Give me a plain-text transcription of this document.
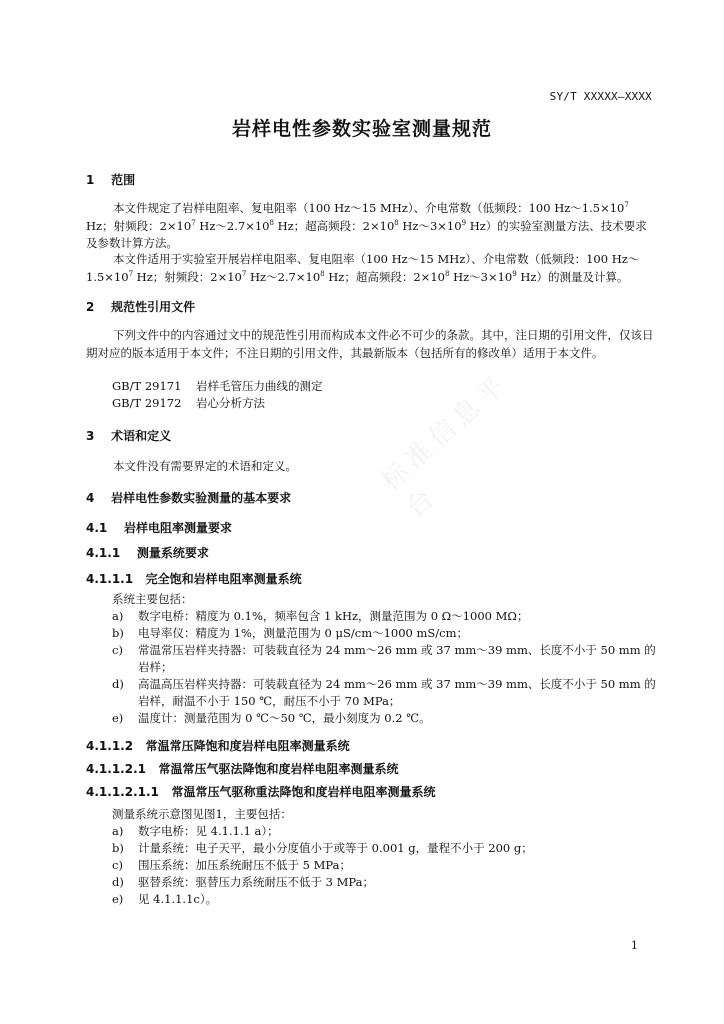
标准信息平台
SY/T XXXXX—XXXX
岩样电性参数实验室测量规范
1 范围
本文件规定了岩样电阻率、复电阻率（100 Hz～15 MHz）、介电常数（低频段：100 $Hz\sim 1.5\times 10^7$ Hz；射频段：$2\times 10^7$ $Hz\sim 2.7\times 10^8$ Hz；超高频段：$2\times 10^8$ $Hz\sim 3\times 10^9$ Hz）的实验室测量方法、技术要求及参数计算方法。
本文件适用于实验室开展岩样电阻率、复电阻率（100 Hz～15 MHz）、介电常数（低频段：100 $Hz\sim 1.5\times 10^7$ Hz；射频段：$2\times 10^7$ $Hz\sim 2.7\times 10^8$ Hz；超高频段：$2\times 10^8$ $Hz\sim 3\times 10^9$ Hz）的测量及计算。
2 规范性引用文件
下列文件中的内容通过文中的规范性引用而构成本文件必不可少的条款。其中，注日期的引用文件，仅该日期对应的版本适用于本文件；不注日期的引用文件，其最新版本（包括所有的修改单）适用于本文件。
GB/T 29171 岩样毛管压力曲线的测定
GB/T 29172 岩心分析方法
3 术语和定义
本文件没有需要界定的术语和定义。
4 岩样电性参数实验测量的基本要求
4.1 岩样电阻率测量要求
4.1.1 测量系统要求
4.1.1.1 完全饱和岩样电阻率测量系统
系统主要包括：
a) 数字电桥：精度为 0.1%，频率包含 1 kHz，测量范围为 0 Ω～1000 MΩ；
b) 电导率仪：精度为 1%，测量范围为 0 μS/cm～1000 mS/cm；
c) 常温常压岩样夹持器：可装载直径为 24 mm～26 mm 或 37 mm～39 mm、长度不小于 50 mm 的岩样；
d) 高温高压岩样夹持器：可装载直径为 24 mm～26 mm 或 37 mm～39 mm、长度不小于 50 mm 的岩样，耐温不小于 150 ℃，耐压不小于 70 MPa；
e) 温度计：测量范围为 0 ℃～50 ℃，最小刻度为 0.2 ℃。
4.1.1.2 常温常压降饱和度岩样电阻率测量系统
4.1.1.2.1 常温常压气驱法降饱和度岩样电阻率测量系统
4.1.1.2.1.1 常温常压气驱称重法降饱和度岩样电阻率测量系统
测量系统示意图见图1，主要包括：
a) 数字电桥：见 4.1.1.1 a）；
b) 计量系统：电子天平，最小分度值小于或等于 0.001 g，量程不小于 200 g；
c) 围压系统：加压系统耐压不低于 5 MPa；
d) 驱替系统：驱替压力系统耐压不低于 3 MPa；
e) 见 4.1.1.1c）。
1
